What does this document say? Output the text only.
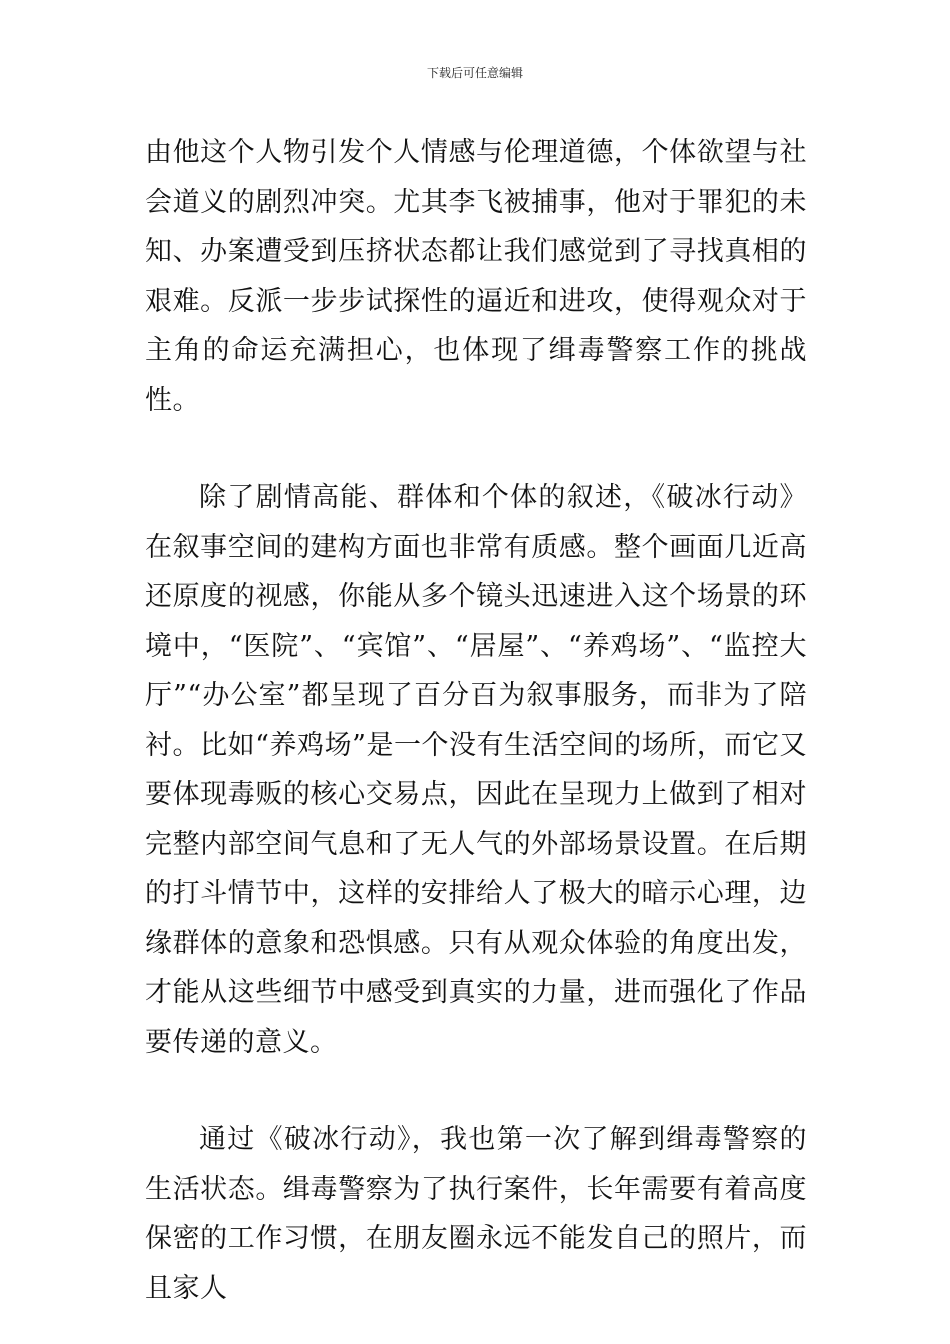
下载后可任意编辑

由他这个人物引发个人情感与伦理道德，个体欲望与社会道义的剧烈冲突。尤其李飞被捕事，他对于罪犯的未知、办案遭受到压挤状态都让我们感觉到了寻找真相的艰难。反派一步步试探性的逼近和进攻，使得观众对于主角的命运充满担心，也体现了缉毒警察工作的挑战性。

除了剧情高能、群体和个体的叙述，《破冰行动》在叙事空间的建构方面也非常有质感。整个画面几近高还原度的视感，你能从多个镜头迅速进入这个场景的环境中，“医院”、“宾馆”、“居屋”、“养鸡场”、“监控大厅”“办公室”都呈现了百分百为叙事服务，而非为了陪衬。比如“养鸡场”是一个没有生活空间的场所，而它又要体现毒贩的核心交易点，因此在呈现力上做到了相对完整内部空间气息和了无人气的外部场景设置。在后期的打斗情节中，这样的安排给人了极大的暗示心理，边缘群体的意象和恐惧感。只有从观众体验的角度出发，才能从这些细节中感受到真实的力量，进而强化了作品要传递的意义。

通过《破冰行动》，我也第一次了解到缉毒警察的生活状态。缉毒警察为了执行案件，长年需要有着高度保密的工作习惯，在朋友圈永远不能发自己的照片，而且家人
